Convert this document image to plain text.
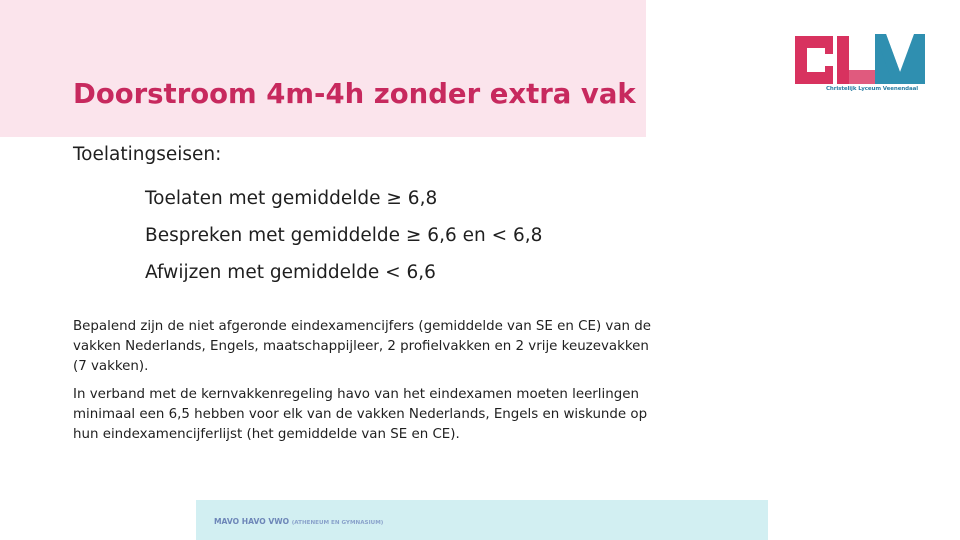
Doorstroom 4m-4h zonder extra vak	Christelijk Lyceum Veenendaal
Toelatingseisen:
Toelaten met gemiddelde ≥ 6,8
Bespreken met gemiddelde ≥ 6,6 en < 6,8
Afwijzen met gemiddelde < 6,6

Bepalend zijn de niet afgeronde eindexamencijfers (gemiddelde van SE en CE) van de vakken Nederlands, Engels, maatschappijleer, 2 profielvakken en 2 vrije keuzevakken (7 vakken).

In verband met de kernvakkenregeling havo van het eindexamen moeten leerlingen minimaal een 6,5 hebben voor elk van de vakken Nederlands, Engels en wiskunde op hun eindexamencijferlijst (het gemiddelde van SE en CE).

MAVO HAVO VWO (ATHENEUM EN GYMNASIUM)
